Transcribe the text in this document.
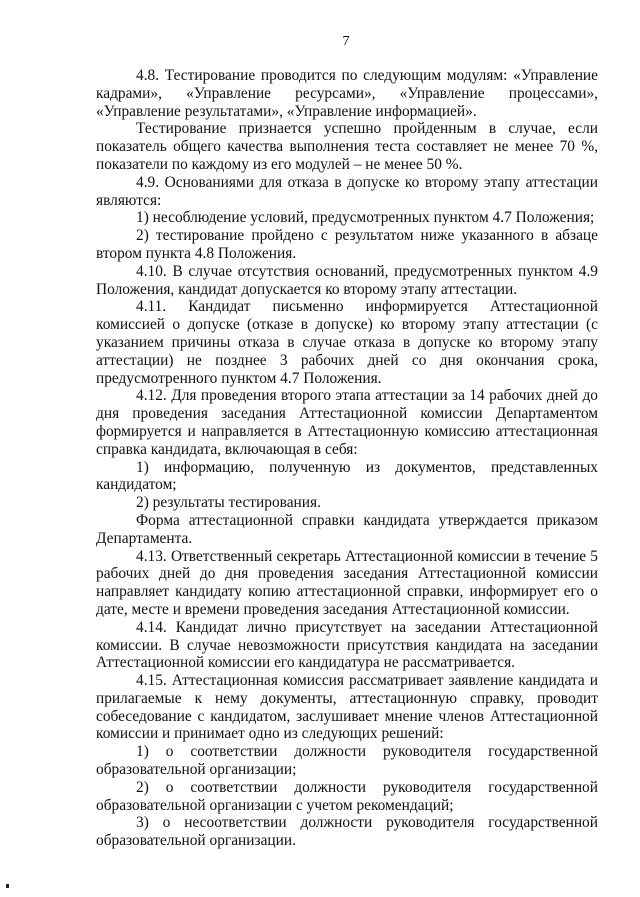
7

4.8. Тестирование проводится по следующим модулям: «Управление кадрами», «Управление ресурсами», «Управление процессами», «Управление результатами», «Управление информацией».

Тестирование признается успешно пройденным в случае, если показатель общего качества выполнения теста составляет не менее 70 %, показатели по каждому из его модулей – не менее 50 %.

4.9. Основаниями для отказа в допуске ко второму этапу аттестации являются:

1) несоблюдение условий, предусмотренных пунктом 4.7 Положения;

2) тестирование пройдено с результатом ниже указанного в абзаце втором пункта 4.8 Положения.

4.10. В случае отсутствия оснований, предусмотренных пунктом 4.9 Положения, кандидат допускается ко второму этапу аттестации.

4.11. Кандидат письменно информируется Аттестационной комиссией о допуске (отказе в допуске) ко второму этапу аттестации (с указанием причины отказа в случае отказа в допуске ко второму этапу аттестации) не позднее 3 рабочих дней со дня окончания срока, предусмотренного пунктом 4.7 Положения.

4.12. Для проведения второго этапа аттестации за 14 рабочих дней до дня проведения заседания Аттестационной комиссии Департаментом формируется и направляется в Аттестационную комиссию аттестационная справка кандидата, включающая в себя:

1) информацию, полученную из документов, представленных кандидатом;

2) результаты тестирования.

Форма аттестационной справки кандидата утверждается приказом Департамента.

4.13. Ответственный секретарь Аттестационной комиссии в течение 5 рабочих дней до дня проведения заседания Аттестационной комиссии направляет кандидату копию аттестационной справки, информирует его о дате, месте и времени проведения заседания Аттестационной комиссии.

4.14. Кандидат лично присутствует на заседании Аттестационной комиссии. В случае невозможности присутствия кандидата на заседании Аттестационной комиссии его кандидатура не рассматривается.

4.15. Аттестационная комиссия рассматривает заявление кандидата и прилагаемые к нему документы, аттестационную справку, проводит собеседование с кандидатом, заслушивает мнение членов Аттестационной комиссии и принимает одно из следующих решений:

1) о соответствии должности руководителя государственной образовательной организации;

2) о соответствии должности руководителя государственной образовательной организации с учетом рекомендаций;

3) о несоответствии должности руководителя государственной образовательной организации.
